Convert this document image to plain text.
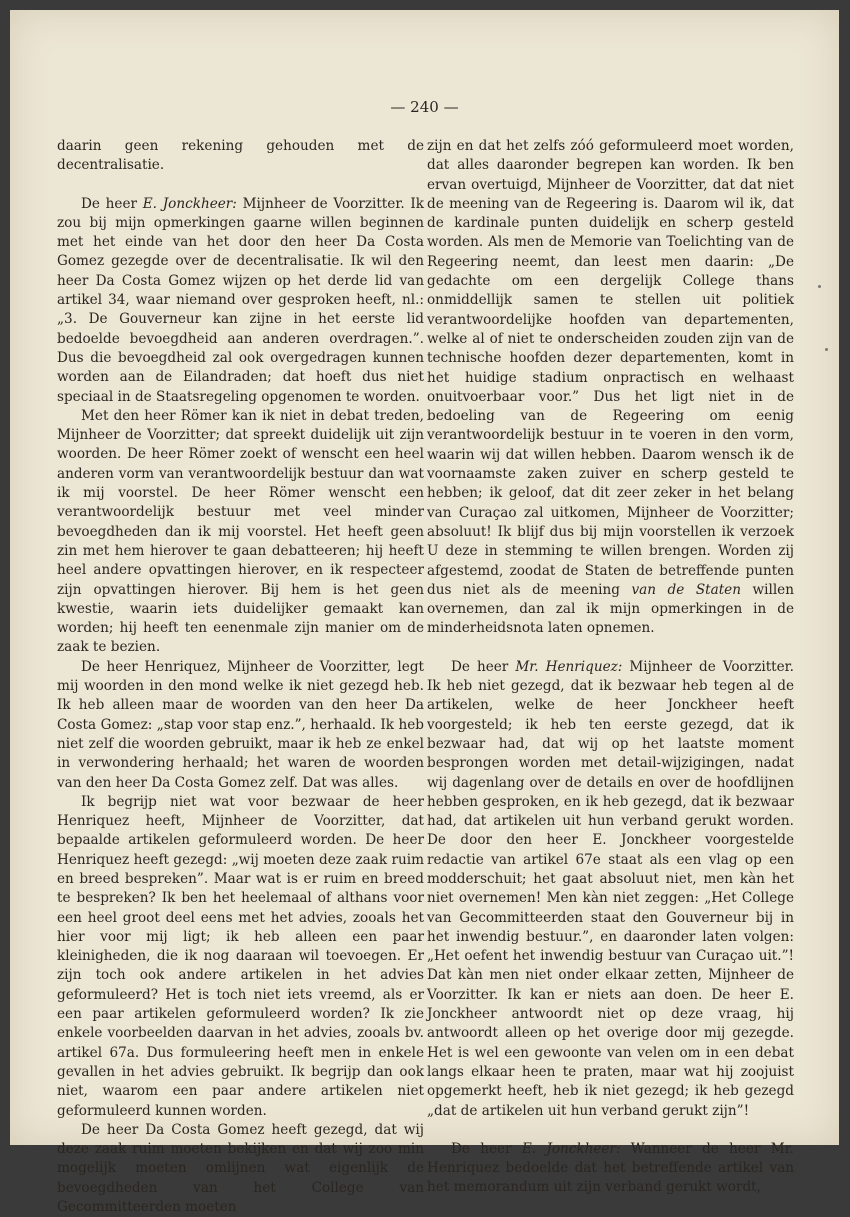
— 240 —

daarin geen rekening gehouden met de decentralisatie.

De heer E. Jonckheer: Mijnheer de Voorzitter. Ik zou bij mijn opmerkingen gaarne willen beginnen met het einde van het door den heer Da Costa Gomez gezegde over de decentralisatie. Ik wil den heer Da Costa Gomez wijzen op het derde lid van artikel 34, waar niemand over gesproken heeft, nl.: „3. De Gouverneur kan zijne in het eerste lid bedoelde bevoegdheid aan anderen overdragen.”. Dus die bevoegdheid zal ook overgedragen kunnen worden aan de Eilandraden; dat hoeft dus niet speciaal in de Staatsregeling opgenomen te worden.

Met den heer Römer kan ik niet in debat treden, Mijnheer de Voorzitter; dat spreekt duidelijk uit zijn woorden. De heer Römer zoekt of wenscht een heel anderen vorm van verantwoordelijk bestuur dan wat ik mij voorstel. De heer Römer wenscht een verantwoordelijk bestuur met veel minder bevoegdheden dan ik mij voorstel. Het heeft geen zin met hem hierover te gaan debatteeren; hij heeft heel andere opvattingen hierover, en ik respecteer zijn opvattingen hierover. Bij hem is het geen kwestie, waarin iets duidelijker gemaakt kan worden; hij heeft ten eenenmale zijn manier om de zaak te bezien.

De heer Henriquez, Mijnheer de Voorzitter, legt mij woorden in den mond welke ik niet gezegd heb. Ik heb alleen maar de woorden van den heer Da Costa Gomez: „stap voor stap enz.”, herhaald. Ik heb niet zelf die woorden gebruikt, maar ik heb ze enkel in verwondering herhaald; het waren de woorden van den heer Da Costa Gomez zelf. Dat was alles.

Ik begrijp niet wat voor bezwaar de heer Henriquez heeft, Mijnheer de Voorzitter, dat bepaalde artikelen geformuleerd worden. De heer Henriquez heeft gezegd: „wij moeten deze zaak ruim en breed bespreken”. Maar wat is er ruim en breed te bespreken? Ik ben het heelemaal of althans voor een heel groot deel eens met het advies, zooals het hier voor mij ligt; ik heb alleen een paar kleinigheden, die ik nog daaraan wil toevoegen. Er zijn toch ook andere artikelen in het advies geformuleerd? Het is toch niet iets vreemd, als er een paar artikelen geformuleerd worden? Ik zie enkele voorbeelden daarvan in het advies, zooals bv. artikel 67a. Dus formuleering heeft men in enkele gevallen in het advies gebruikt. Ik begrijp dan ook niet, waarom een paar andere artikelen niet geformuleerd kunnen worden.

De heer Da Costa Gomez heeft gezegd, dat wij deze zaak ruim moeten bekijken en dat wij zoo min mogelijk moeten omlijnen wat eigenlijk de bevoegdheden van het College van Gecommitteerden moeten

zijn en dat het zelfs zóó geformuleerd moet worden, dat alles daaronder begrepen kan worden. Ik ben ervan overtuigd, Mijnheer de Voorzitter, dat dat niet de meening van de Regeering is. Daarom wil ik, dat de kardinale punten duidelijk en scherp gesteld worden. Als men de Memorie van Toelichting van de Regeering neemt, dan leest men daarin: „De gedachte om een dergelijk College thans onmiddellijk samen te stellen uit politiek verantwoordelijke hoofden van departementen, welke al of niet te onderscheiden zouden zijn van de technische hoofden dezer departementen, komt in het huidige stadium onpractisch en welhaast onuitvoerbaar voor.” Dus het ligt niet in de bedoeling van de Regeering om eenig verantwoordelijk bestuur in te voeren in den vorm, waarin wij dat willen hebben. Daarom wensch ik de voornaamste zaken zuiver en scherp gesteld te hebben; ik geloof, dat dit zeer zeker in het belang van Curaçao zal uitkomen, Mijnheer de Voorzitter; absoluut! Ik blijf dus bij mijn voorstellen ik verzoek U deze in stemming te willen brengen. Worden zij afgestemd, zoodat de Staten de betreffende punten dus niet als de meening van de Staten willen overnemen, dan zal ik mijn opmerkingen in de minderheidsnota laten opnemen.

De heer Mr. Henriquez: Mijnheer de Voorzitter. Ik heb niet gezegd, dat ik bezwaar heb tegen al de artikelen, welke de heer Jonckheer heeft voorgesteld; ik heb ten eerste gezegd, dat ik bezwaar had, dat wij op het laatste moment besprongen worden met detail-wijzigingen, nadat wij dagenlang over de details en over de hoofdlijnen hebben gesproken, en ik heb gezegd, dat ik bezwaar had, dat artikelen uit hun verband gerukt worden. De door den heer E. Jonckheer voorgestelde redactie van artikel 67e staat als een vlag op een modderschuit; het gaat absoluut niet, men kàn het niet overnemen! Men kàn niet zeggen: „Het College van Gecommitteerden staat den Gouverneur bij in het inwendig bestuur.”, en daaronder laten volgen: „Het oefent het inwendig bestuur van Curaçao uit.”! Dat kàn men niet onder elkaar zetten, Mijnheer de Voorzitter. Ik kan er niets aan doen. De heer E. Jonckheer antwoordt niet op deze vraag, hij antwoordt alleen op het overige door mij gezegde. Het is wel een gewoonte van velen om in een debat langs elkaar heen te praten, maar wat hij zoojuist opgemerkt heeft, heb ik niet gezegd; ik heb gezegd „dat de artikelen uit hun verband gerukt zijn”!

De heer E. Jonckheer: Wanneer de heer Mr. Henriquez bedoelde dat het betreffende artikel van het memorandum uit zijn verband gerukt wordt,
